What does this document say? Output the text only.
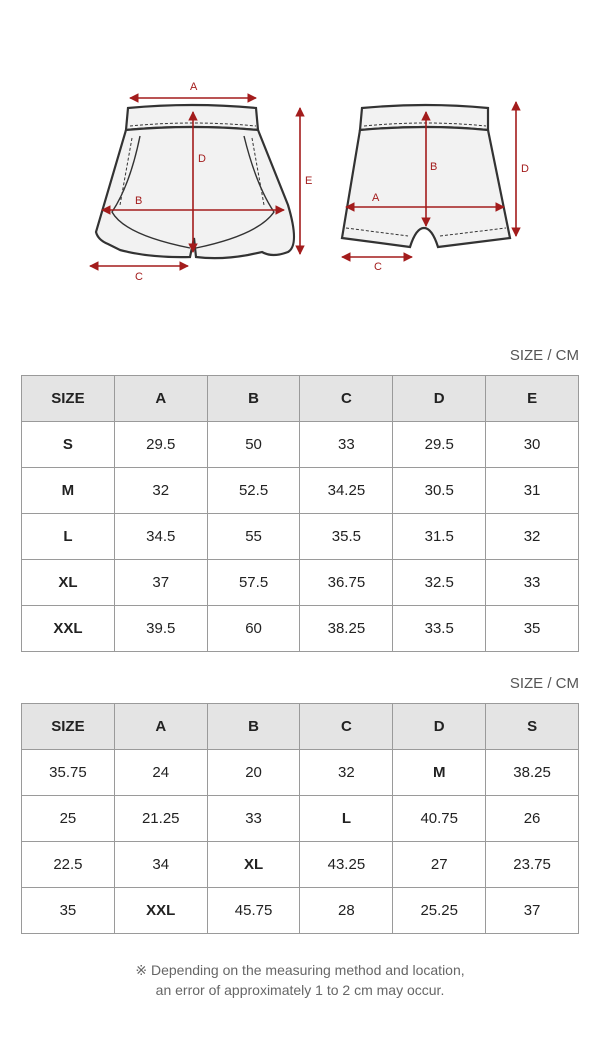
A
D
B
C
E
B
A
C
D
SIZE / CM
SIZE	A	B	C	D	E
S	29.5	50	33	29.5	30
M	32	52.5	34.25	30.5	31
L	34.5	55	35.5	31.5	32
XL	37	57.5	36.75	32.5	33
XXL	39.5	60	38.25	33.5	35
SIZE / CM
SIZE	A	B	C	D	S
35.75	24	20	32	M	38.25
25	21.25	33	L	40.75	26
22.5	34	XL	43.25	27	23.75
35	XXL	45.75	28	25.25	37
※ Depending on the measuring method and location,
an error of approximately 1 to 2 cm may occur.
